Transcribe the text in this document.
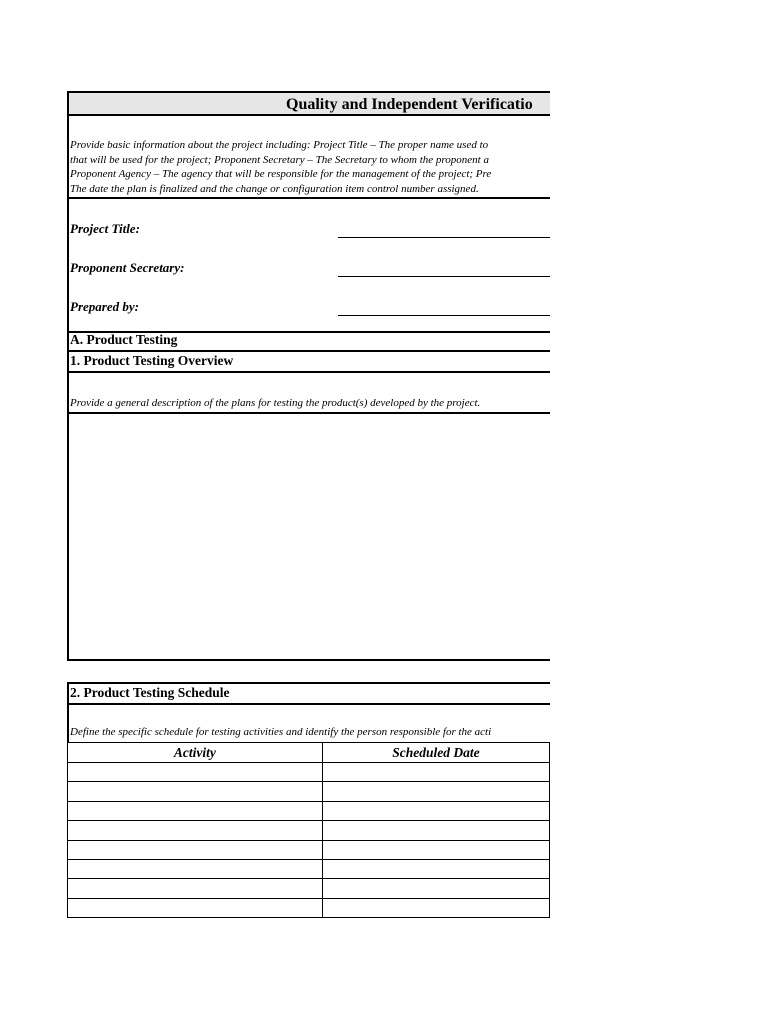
Quality and Independent Verificatio
Provide basic information about the project including: Project Title – The proper name used to
that will be used for the project; Proponent Secretary – The Secretary to whom the proponent a
Proponent Agency – The agency that will be responsible for the management of the project; Pre
The date the plan is finalized and the change or configuration item control number assigned.
Project Title:
Proponent Secretary:
Prepared by:
A. Product Testing
1. Product Testing Overview
Provide a general description of the plans for testing the product(s) developed by the project.
2. Product Testing Schedule
Define the specific schedule for testing activities and identify the person responsible for the acti
Activity	Scheduled Date
